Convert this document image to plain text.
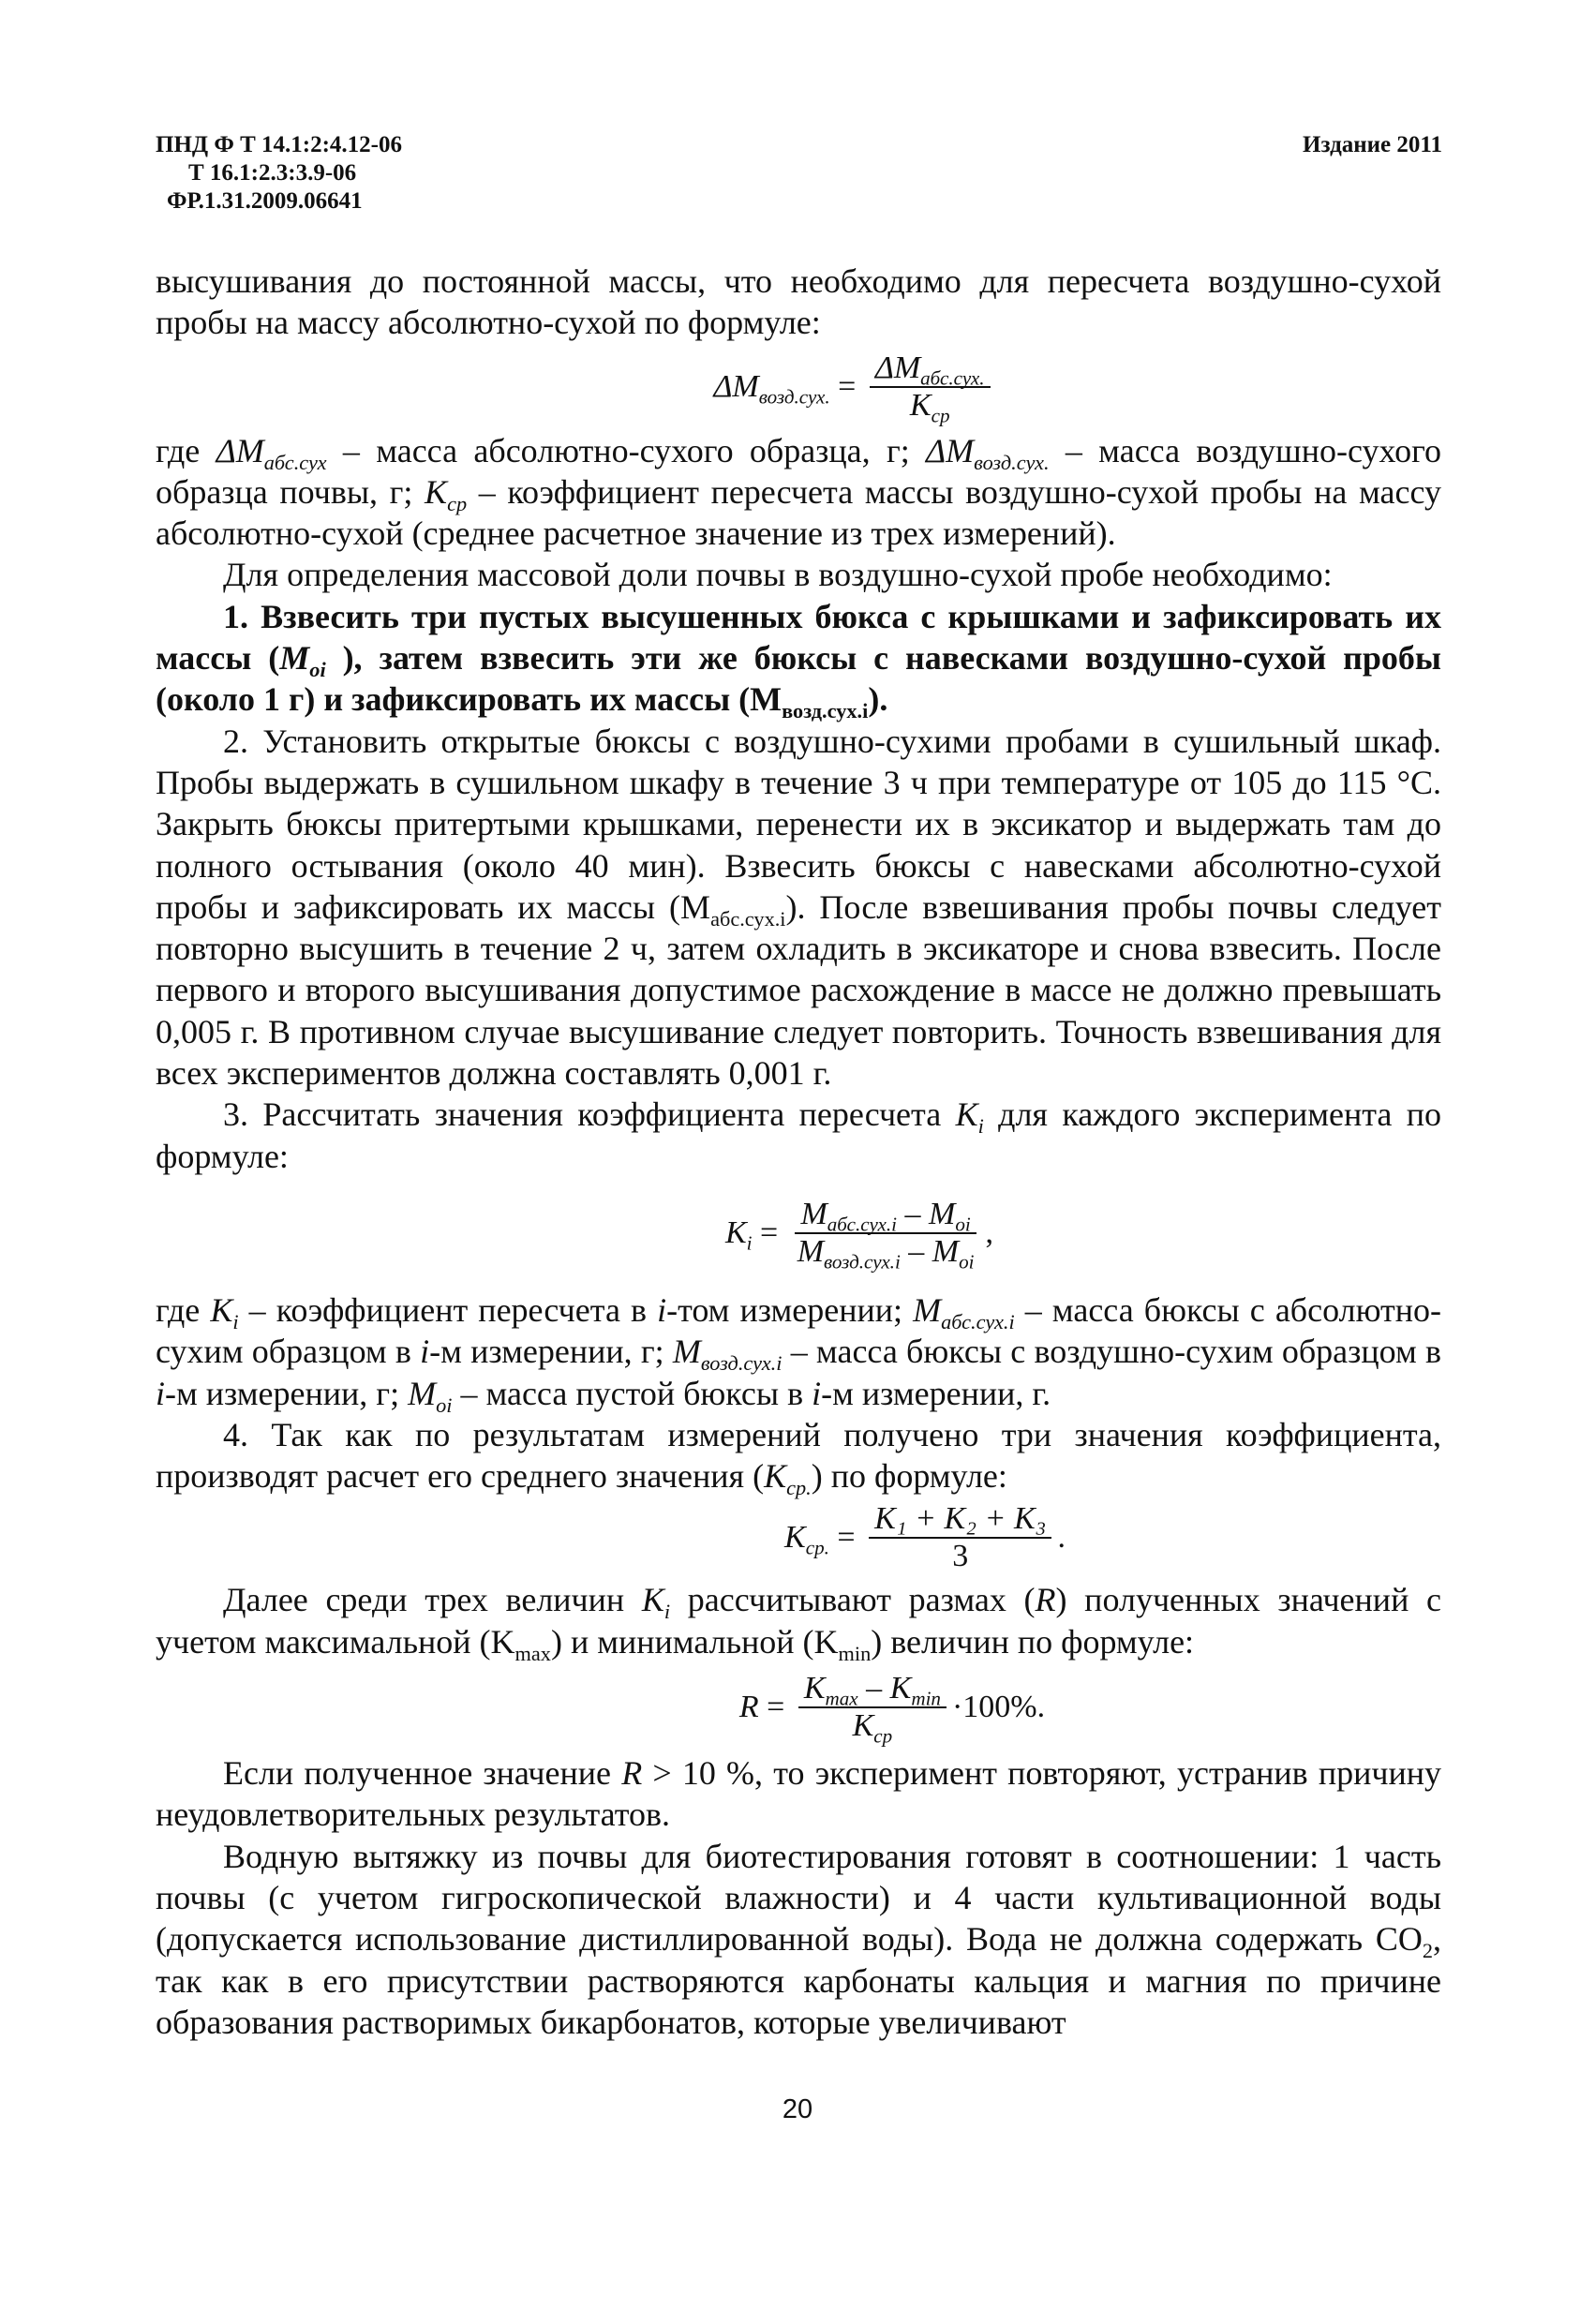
ПНД Ф Т 14.1:2:4.12-06
Т 16.1:2.3:3.9-06
ФР.1.31.2009.06641
Издание 2011

высушивания до постоянной массы, что необходимо для пересчета воздушно-сухой пробы на массу абсолютно-сухой по формуле:

$\Delta M_{возд.сух.} = \frac{\Delta M_{абс.сух.}}{K_{ср}}$

где $\Delta M_{абс.сух}$ – масса абсолютно-сухого образца, г; $\Delta M_{возд.сух.}$ – масса воздушно-сухого образца почвы, г; $K_{ср}$ – коэффициент пересчета массы воздушно-сухой пробы на массу абсолютно-сухой (среднее расчетное значение из трех измерений).

Для определения массовой доли почвы в воздушно-сухой пробе необходимо:

1. Взвесить три пустых высушенных бюкса с крышками и зафиксировать их массы ($M_{oi}$ ), затем взвесить эти же бюксы с навесками воздушно-сухой пробы (около 1 г) и зафиксировать их массы $(M_{возд.сух.i})$.

2. Установить открытые бюксы с воздушно-сухими пробами в сушильный шкаф. Пробы выдержать в сушильном шкафу в течение 3 ч при температуре от 105 до 115 °С. Закрыть бюксы притертыми крышками, перенести их в эксикатор и выдержать там до полного остывания (около 40 мин). Взвесить бюксы с навесками абсолютно-сухой пробы и зафиксировать их массы $(M_{абс.сух.i})$. После взвешивания пробы почвы следует повторно высушить в течение 2 ч, затем охладить в эксикаторе и снова взвесить. После первого и второго высушивания допустимое расхождение в массе не должно превышать 0,005 г. В противном случае высушивание следует повторить. Точность взвешивания для всех экспериментов должна составлять 0,001 г.

3. Рассчитать значения коэффициента пересчета $K_i$ для каждого эксперимента по формуле:

$K_i = \frac{M_{абс.сух.i} - M_{oi}}{M_{возд.сух.i} - M_{oi}}$ ,

где $K_i$ – коэффициент пересчета в i-том измерении; $M_{абс.сух.i}$ – масса бюксы с абсолютно-сухим образцом в i-м измерении, г; $M_{возд.сух.i}$ – масса бюксы с воздушно-сухим образцом в i-м измерении, г; $M_{oi}$ – масса пустой бюксы в i-м измерении, г.

4. Так как по результатам измерений получено три значения коэффициента, производят расчет его среднего значения $(K_{ср.})$ по формуле:

$K_{ср.} = \frac{\text{K₁ + K₂ + K₃}}{3}$ .

Далее среди трех величин $K_i$ рассчитывают размах (R) полученных значений с учетом максимальной $(K_{max})$ и минимальной $(K_{min})$ величин по формуле:

$R = \frac{K_{max} - K_{min}}{K_{ср}} \cdot 100\%$.

Если полученное значение R > 10 %, то эксперимент повторяют, устранив причину неудовлетворительных результатов.

Водную вытяжку из почвы для биотестирования готовят в соотношении: 1 часть почвы (с учетом гигроскопической влажности) и 4 части культивационной воды (допускается использование дистиллированной воды). Вода не должна содержать $CO_2$, так как в его присутствии растворяются карбонаты кальция и магния по причине образования растворимых бикарбонатов, которые увеличивают

20
